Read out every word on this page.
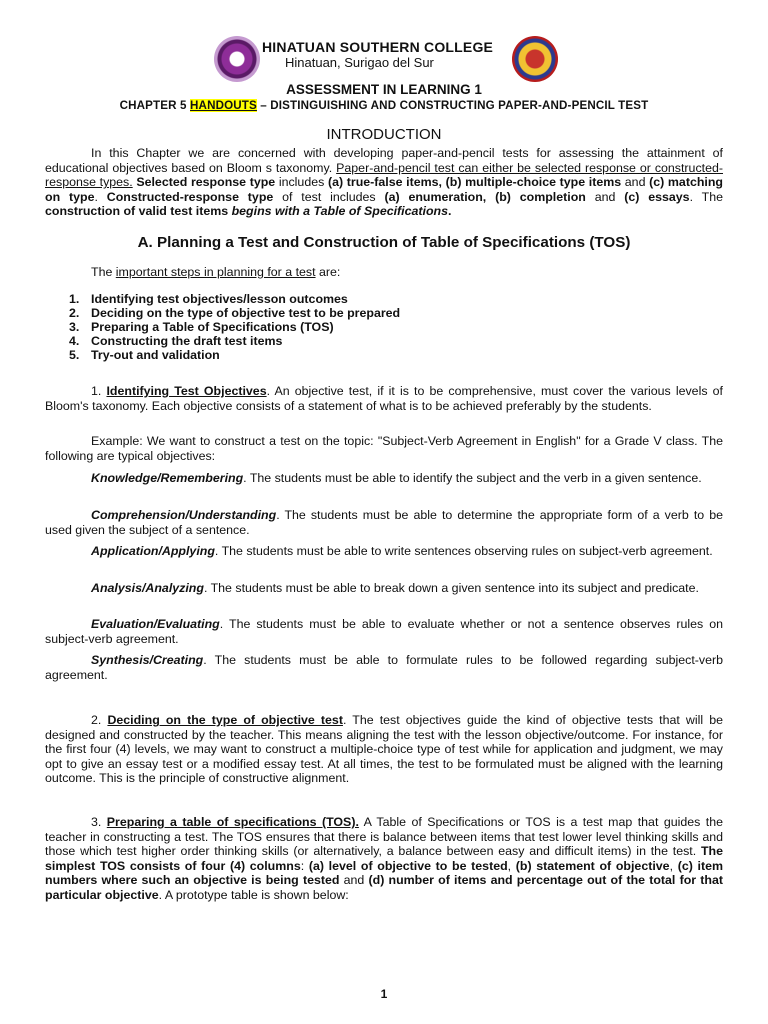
HINATUAN SOUTHERN COLLEGE
Hinatuan, Surigao del Sur
ASSESSMENT IN LEARNING 1
CHAPTER 5 HANDOUTS – DISTINGUISHING AND CONSTRUCTING PAPER-AND-PENCIL TEST
INTRODUCTION
In this Chapter we are concerned with developing paper-and-pencil tests for assessing the attainment of educational objectives based on Bloom s taxonomy. Paper-and-pencil test can either be selected response or constructed-response types. Selected response type includes (a) true-false items, (b) multiple-choice type items and (c) matching on type. Constructed-response type of test includes (a) enumeration, (b) completion and (c) essays. The construction of valid test items begins with a Table of Specifications.
A. Planning a Test and Construction of Table of Specifications (TOS)
The important steps in planning for a test are:
1. Identifying test objectives/lesson outcomes
2. Deciding on the type of objective test to be prepared
3. Preparing a Table of Specifications (TOS)
4. Constructing the draft test items
5. Try-out and validation
1. Identifying Test Objectives. An objective test, if it is to be comprehensive, must cover the various levels of Bloom's taxonomy. Each objective consists of a statement of what is to be achieved preferably by the students.
Example: We want to construct a test on the topic: "Subject-Verb Agreement in English" for a Grade V class. The following are typical objectives:
Knowledge/Remembering. The students must be able to identify the subject and the verb in a given sentence.
Comprehension/Understanding. The students must be able to determine the appropriate form of a verb to be used given the subject of a sentence.
Application/Applying. The students must be able to write sentences observing rules on subject-verb agreement.
Analysis/Analyzing. The students must be able to break down a given sentence into its subject and predicate.
Evaluation/Evaluating. The students must be able to evaluate whether or not a sentence observes rules on subject-verb agreement.
Synthesis/Creating. The students must be able to formulate rules to be followed regarding subject-verb agreement.
2. Deciding on the type of objective test. The test objectives guide the kind of objective tests that will be designed and constructed by the teacher. This means aligning the test with the lesson objective/outcome. For instance, for the first four (4) levels, we may want to construct a multiple-choice type of test while for application and judgment, we may opt to give an essay test or a modified essay test. At all times, the test to be formulated must be aligned with the learning outcome. This is the principle of constructive alignment.
3. Preparing a table of specifications (TOS). A Table of Specifications or TOS is a test map that guides the teacher in constructing a test. The TOS ensures that there is balance between items that test lower level thinking skills and those which test higher order thinking skills (or alternatively, a balance between easy and difficult items) in the test. The simplest TOS consists of four (4) columns: (a) level of objective to be tested, (b) statement of objective, (c) item numbers where such an objective is being tested and (d) number of items and percentage out of the total for that particular objective. A prototype table is shown below:
1
